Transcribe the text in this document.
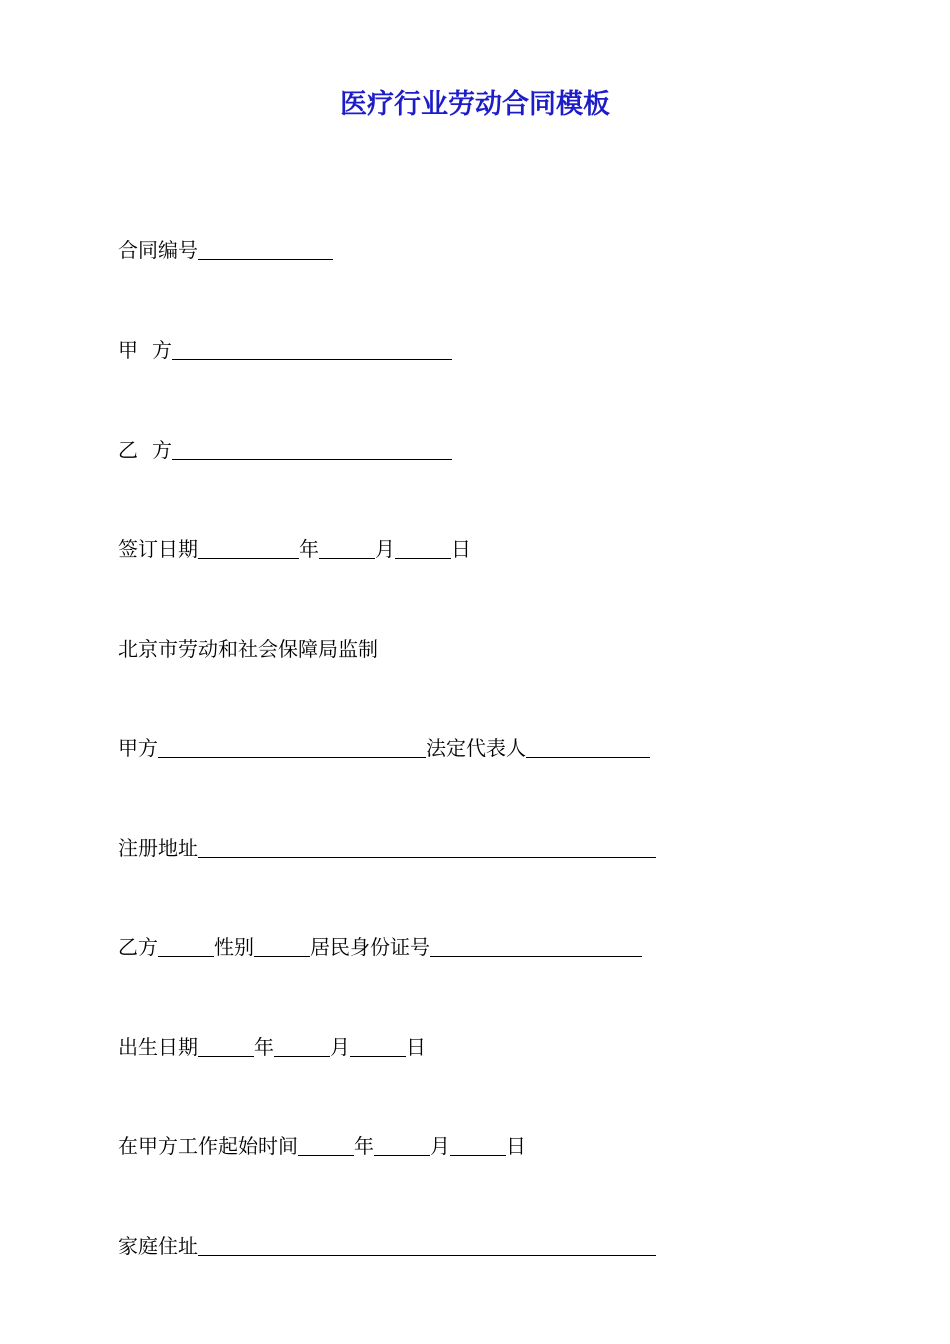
医疗行业劳动合同模板
合同编号
甲 方
乙 方
签订日期	年	月	日
北京市劳动和社会保障局监制
甲方	法定代表人
注册地址
乙方	性别	居民身份证号
出生日期	年	月	日
在甲方工作起始时间	年	月	日
家庭住址
